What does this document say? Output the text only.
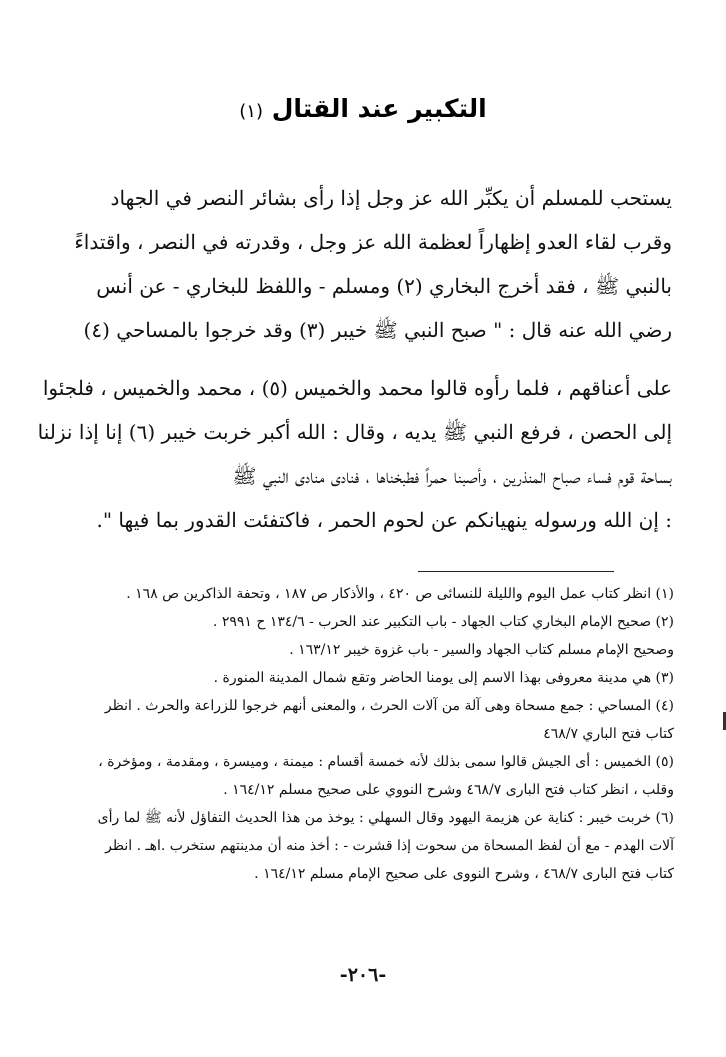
التكبير عند القتال (١)
يستحب للمسلم أن يكبِّر الله عز وجل إذا رأى بشائر النصر في الجهاد
وقرب لقاء العدو إظهاراً لعظمة الله عز وجل ، وقدرته في النصر ، واقتداءً
بالنبي ﷺ ، فقد أخرج البخاري (٢) ومسلم - واللفظ للبخاري - عن أنس
رضي الله عنه قال : " صبح النبي ﷺ خيبر (٣) وقد خرجوا بالمساحي (٤)
على أعناقهم ، فلما رأوه قالوا محمد والخميس (٥) ، محمد والخميس ، فلجئوا
إلى الحصن ، فرفع النبي ﷺ يديه ، وقال : الله أكبر خربت خيبر (٦) إنا إذا نزلنا
بساحة قوم فساء صباح المنذرين ، وأصبنا حمراً فطبخناها ، فنادى منادى النبي ﷺ
: إن الله ورسوله ينهيانكم عن لحوم الحمر ، فاكتفئت القدور بما فيها ".
(١) انظر كتاب عمل اليوم والليلة للنسائى ص ٤٢٠ ، والأذكار ص ١٨٧ ، وتحفة الذاكرين ص ١٦٨ .
(٢) صحيح الإمام البخاري كتاب الجهاد - باب التكبير عند الحرب - ١٣٤/٦ ح ٢٩٩١ .
وصحيح الإمام مسلم كتاب الجهاد والسير - باب غزوة خيبر ١٦٣/١٢ .
(٣) هي مدينة معروفى بهذا الاسم إلى يومنا الحاضر وتقع شمال المدينة المنورة .
(٤) المساحي : جمع مسحاة وهى آلة من آلات الحرث ، والمعنى أنهم خرجوا للزراعة والحرث . انظر
كتاب فتح الباري ٤٦٨/٧
(٥) الخميس : أى الجيش قالوا سمى بذلك لأنه خمسة أقسام : ميمنة ، وميسرة ، ومقدمة ، ومؤخرة ،
وقلب ، انظر كتاب فتح البارى ٤٦٨/٧ وشرح النووي على صحيح مسلم ١٦٤/١٢ .
(٦) خربت خيبر : كناية عن هزيمة اليهود وقال السهلي : يوخذ من هذا الحديث التفاؤل لأنه ﷺ لما رأى
آلات الهدم - مع أن لفظ المسحاة من سحوت إذا قشرت - : أخذ منه أن مدينتهم ستخرب .اهـ . انظر
كتاب فتح البارى ٤٦٨/٧ ، وشرح النووى على صحيح الإمام مسلم ١٦٤/١٢ .
-٢٠٦-
